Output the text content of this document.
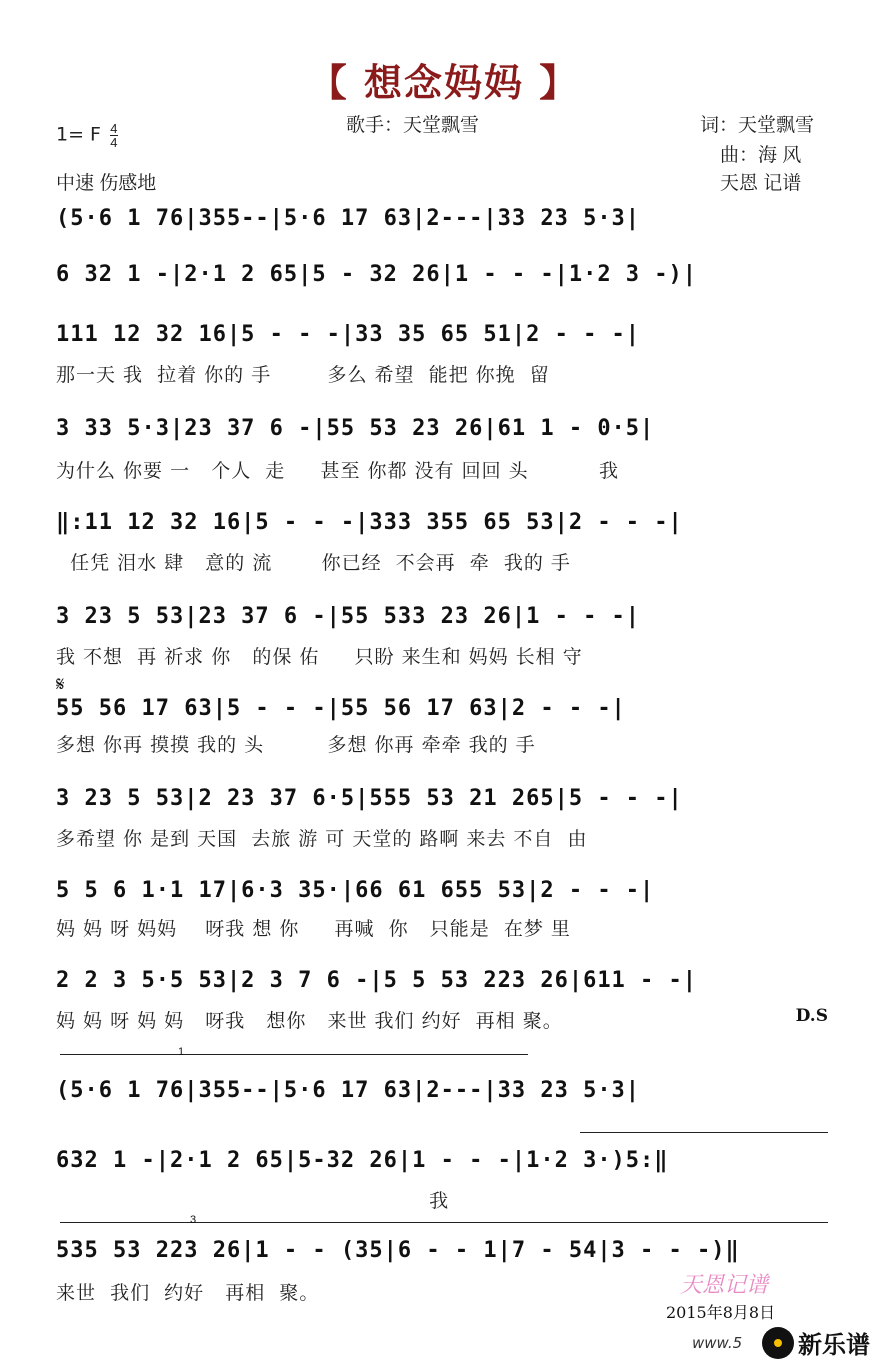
【 想念妈妈 】
歌手：天堂飘雪	词：天堂飘雪
1= F $\frac{4}{4}$
曲：海 风
中速 伤感地	天恩 记谱
(5·6 1 76|355--|5·6 17 63|2---|33 23 5·3|
6 32 1 -|2·1 2 65|5 - 32 26|1 - - -|1·2 3 -)|
111 12 32 16|5 - - -|33 35 65 51|2 - - -|
那一天 我  拉着 你的 手        多么 希望  能把 你挽  留
3 33 5·3|23 37 6 -|55 53 23 26|61 1 - 0·5|
为什么 你要 一   个人  走     甚至 你都 没有 回回 头          我
‖:11 12 32 16|5 - - -|333 355 65 53|2 - - -|
任凭 泪水 肆   意的 流       你已经  不会再  牵  我的 手
3 23 5 53|23 37 6 -|55 533 23 26|1 - - -|
我 不想  再 祈求 你   的保 佑     只盼 来生和 妈妈 长相 守
𝄋
55 56 17 63|5 - - -|55 56 17 63|2 - - -|
多想 你再 摸摸 我的 头         多想 你再 牵牵 我的 手
3 23 5 53|2 23 37 6·5|555 53 21 265|5 - - -|
多希望 你 是到 天国  去旅 游 可 天堂的 路啊 来去 不自  由
5 5 6 1·1 17|6·3 35·|66 61 655 53|2 - - -|
妈 妈 呀 妈妈    呀我 想 你     再喊  你   只能是  在梦 里
2 2 3 5·5 53|2 3 7 6 -|5 5 53 223 26|611 - -|
妈 妈 呀 妈 妈   呀我   想你   来世 我们 约好  再相 聚。	D.S
1
(5·6 1 76|355--|5·6 17 63|2---|33 23 5·3|
632 1 -|2·1 2 65|5-32 26|1 - - -|1·2 3·)5:‖
我
3
535 53 223 26|1 - - (35|6 - - 1|7 - 54|3 - - -)‖
来世  我们  约好   再相  聚。	天恩记谱
2015年8月8日
www.5 新乐谱
